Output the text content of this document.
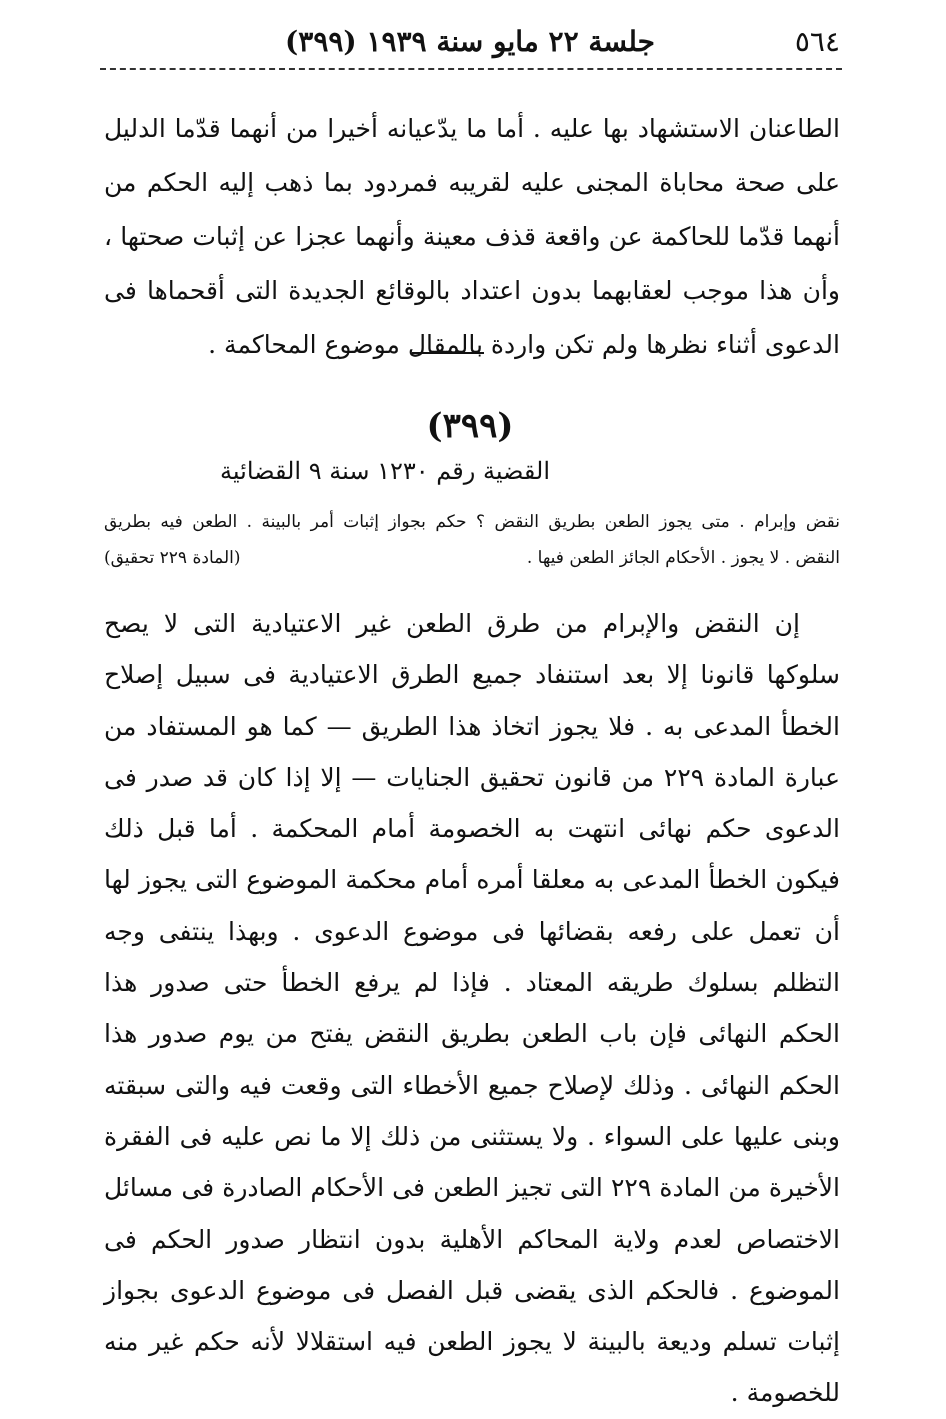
٥٦٤
جلسة ٢٢ مايو سنة ١٩٣٩ (٣٩٩)

الطاعنان الاستشهاد بها عليه . أما ما يدّعيانه أخيرا من أنهما قدّما الدليل على صحة محاباة المجنى عليه لقريبه فمردود بما ذهب إليه الحكم من أنهما قدّما للحاكمة عن واقعة قذف معينة وأنهما عجزا عن إثبات صحتها ، وأن هذا موجب لعقابهما بدون اعتداد بالوقائع الجديدة التى أقحماها فى الدعوى أثناء نظرها ولم تكن واردة بالمقال موضوع المحاكمة .

(٣٩٩)
القضية رقم ١٢٣٠ سنة ٩ القضائية
نقض وإبرام . متى يجوز الطعن بطريق النقض ؟ حكم بجواز إثبات أمر بالبينة . الطعن فيه بطريق
النقض . لا يجوز . الأحكام الجائز الطعن فيها .
(المادة ٢٢٩ تحقيق)

إن النقض والإبرام من طرق الطعن غير الاعتيادية التى لا يصح سلوكها قانونا إلا بعد استنفاد جميع الطرق الاعتيادية فى سبيل إصلاح الخطأ المدعى به . فلا يجوز اتخاذ هذا الطريق — كما هو المستفاد من عبارة المادة ٢٢٩ من قانون تحقيق الجنايات — إلا إذا كان قد صدر فى الدعوى حكم نهائى انتهت به الخصومة أمام المحكمة . أما قبل ذلك فيكون الخطأ المدعى به معلقا أمره أمام محكمة الموضوع التى يجوز لها أن تعمل على رفعه بقضائها فى موضوع الدعوى . وبهذا ينتفى وجه التظلم بسلوك طريقه المعتاد . فإذا لم يرفع الخطأ حتى صدور هذا الحكم النهائى فإن باب الطعن بطريق النقض يفتح من يوم صدور هذا الحكم النهائى . وذلك لإصلاح جميع الأخطاء التى وقعت فيه والتى سبقته وبنى عليها على السواء . ولا يستثنى من ذلك إلا ما نص عليه فى الفقرة الأخيرة من المادة ٢٢٩ التى تجيز الطعن فى الأحكام الصادرة فى مسائل الاختصاص لعدم ولاية المحاكم الأهلية بدون انتظار صدور الحكم فى الموضوع . فالحكم الذى يقضى قبل الفصل فى موضوع الدعوى بجواز إثبات تسلم وديعة بالبينة لا يجوز الطعن فيه استقلالا لأنه حكم غير منه للخصومة .
